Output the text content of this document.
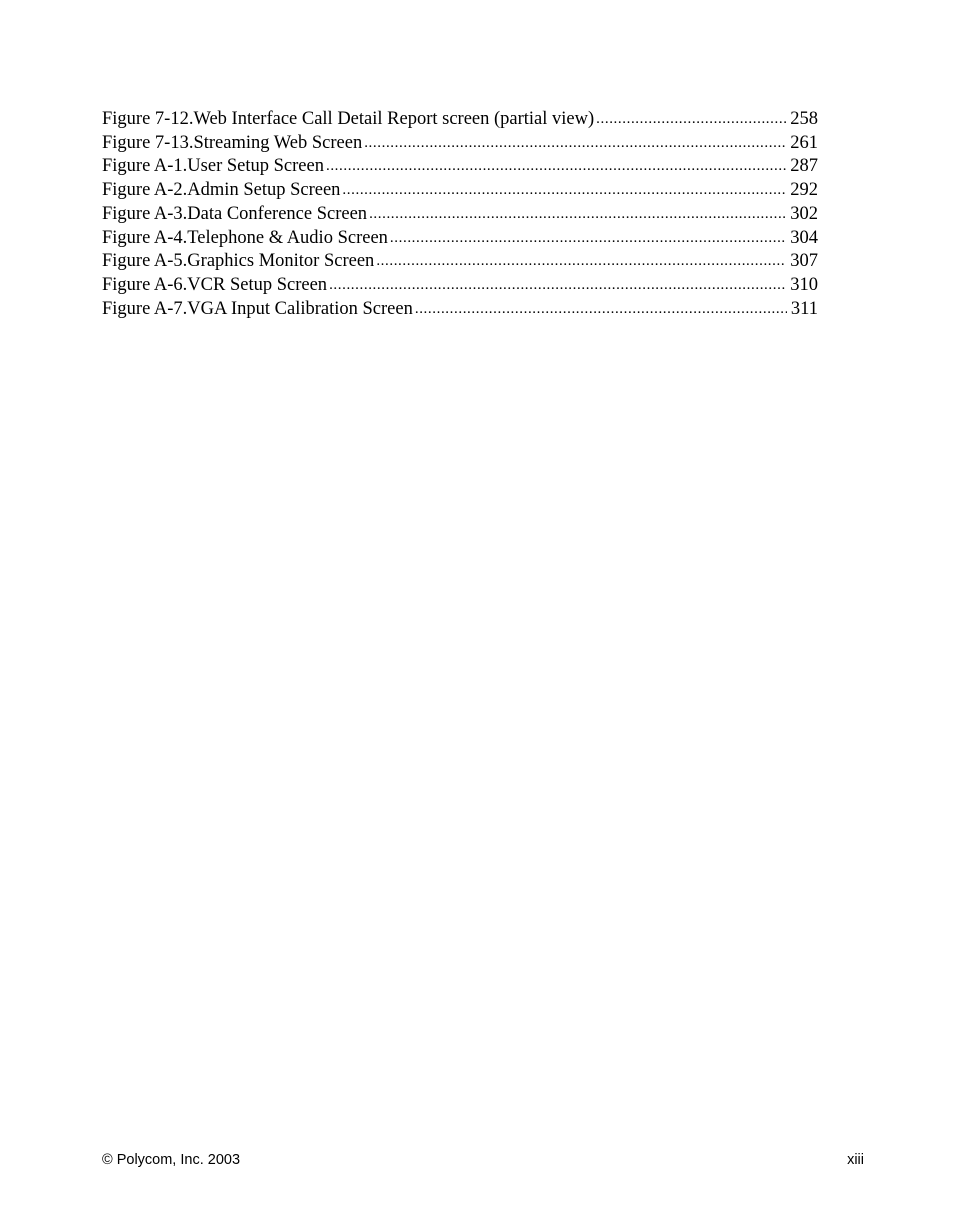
Figure 7-12.Web Interface Call Detail Report screen (partial view) .....	258
Figure 7-13.Streaming Web Screen .....	261
Figure A-1.User Setup Screen .....	287
Figure A-2.Admin Setup Screen .....	292
Figure A-3.Data Conference Screen .....	302
Figure A-4.Telephone & Audio Screen .....	304
Figure A-5.Graphics Monitor Screen .....	307
Figure A-6.VCR Setup Screen .....	310
Figure A-7.VGA Input Calibration Screen .....	311
© Polycom, Inc. 2003	xiii
